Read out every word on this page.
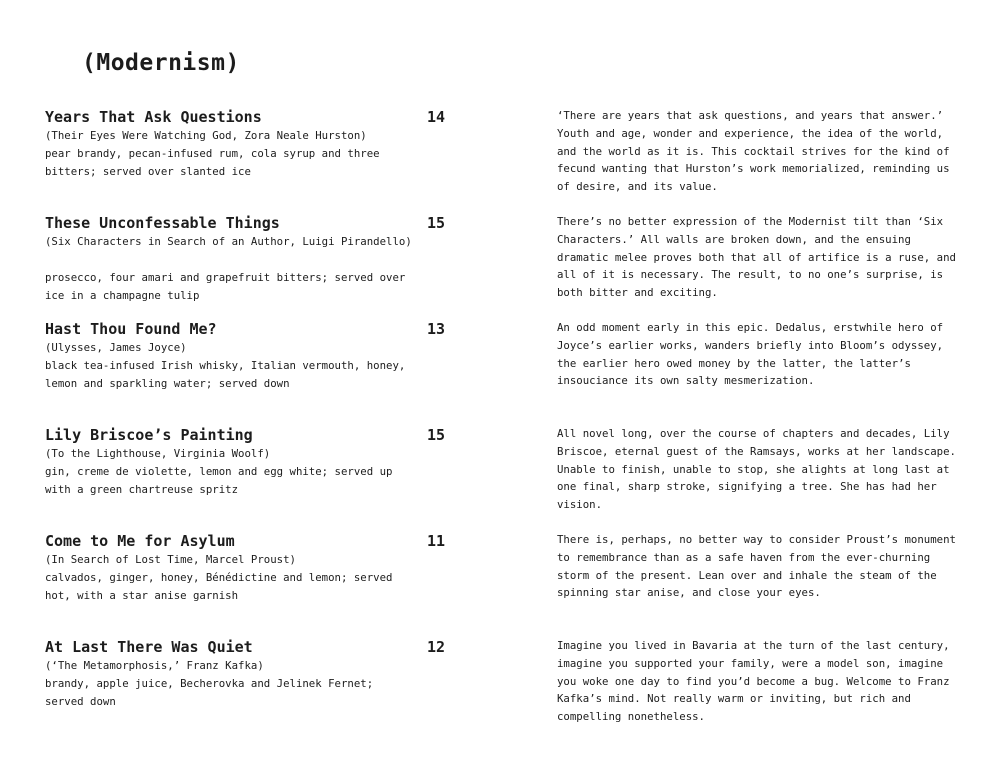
(Modernism)
Years That Ask Questions	14
(Their Eyes Were Watching God, Zora Neale Hurston)
pear brandy, pecan-infused rum, cola syrup and three bitters; served over slanted ice
‘There are years that ask questions, and years that answer.’ Youth and age, wonder and experience, the idea of the world, and the world as it is. This cocktail strives for the kind of fecund wanting that Hurston’s work memorialized, reminding us of desire, and its value.
These Unconfessable Things	15
(Six Characters in Search of an Author, Luigi Pirandello)
prosecco, four amari and grapefruit bitters; served over ice in a champagne tulip
There’s no better expression of the Modernist tilt than ‘Six Characters.’ All walls are broken down, and the ensuing dramatic melee proves both that all of artifice is a ruse, and all of it is necessary. The result, to no one’s surprise, is both bitter and exciting.
Hast Thou Found Me?	13
(Ulysses, James Joyce)
black tea-infused Irish whisky, Italian vermouth, honey, lemon and sparkling water; served down
An odd moment early in this epic. Dedalus, erstwhile hero of Joyce’s earlier works, wanders briefly into Bloom’s odyssey, the earlier hero owed money by the latter, the latter’s insouciance its own salty mesmerization.
Lily Briscoe’s Painting	15
(To the Lighthouse, Virginia Woolf)
gin, creme de violette, lemon and egg white; served up with a green chartreuse spritz
All novel long, over the course of chapters and decades, Lily Briscoe, eternal guest of the Ramsays, works at her landscape. Unable to finish, unable to stop, she alights at long last at one final, sharp stroke, signifying a tree. She has had her vision.
Come to Me for Asylum	11
(In Search of Lost Time, Marcel Proust)
calvados, ginger, honey, Bénédictine and lemon; served hot, with a star anise garnish
There is, perhaps, no better way to consider Proust’s monument to remembrance than as a safe haven from the ever-churning storm of the present. Lean over and inhale the steam of the spinning star anise, and close your eyes.
At Last There Was Quiet	12
(‘The Metamorphosis,’ Franz Kafka)
brandy, apple juice, Becherovka and Jelinek Fernet; served down
Imagine you lived in Bavaria at the turn of the last century, imagine you supported your family, were a model son, imagine you woke one day to find you’d become a bug. Welcome to Franz Kafka’s mind. Not really warm or inviting, but rich and compelling nonetheless.
